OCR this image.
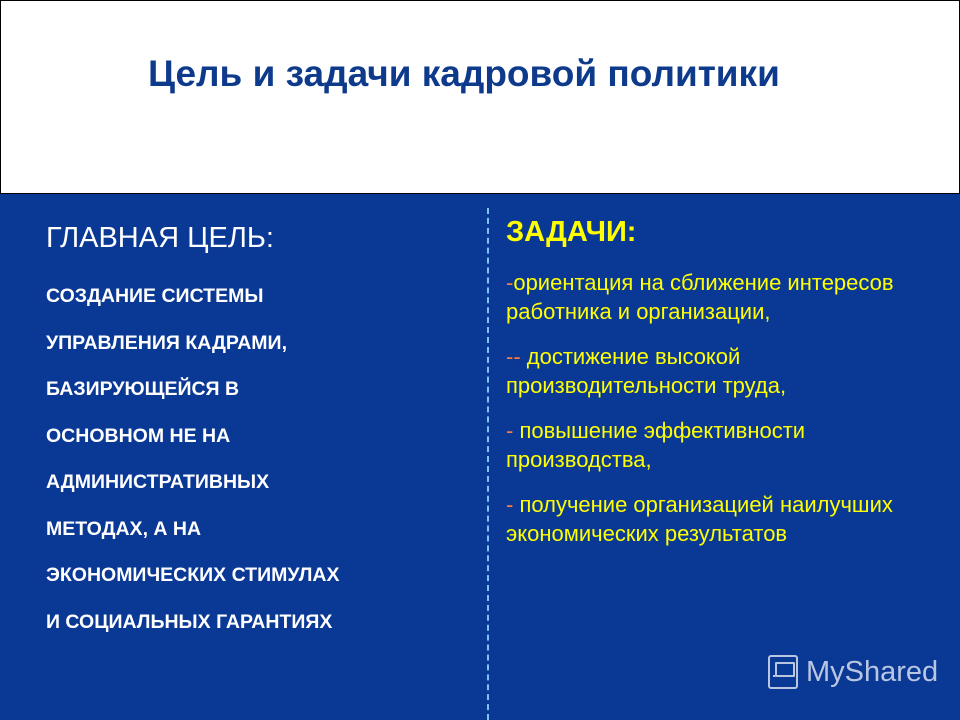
Цель и задачи кадровой политики
ГЛАВНАЯ ЦЕЛЬ:
СОЗДАНИЕ СИСТЕМЫ
УПРАВЛЕНИЯ КАДРАМИ,
БАЗИРУЮЩЕЙСЯ В
ОСНОВНОМ НЕ НА
АДМИНИСТРАТИВНЫХ
МЕТОДАХ, А НА
ЭКОНОМИЧЕСКИХ СТИМУЛАХ
И СОЦИАЛЬНЫХ ГАРАНТИЯХ
ЗАДАЧИ:
-ориентация на сближение интересов работника и организации,
-- достижение высокой производительности труда,
- повышение эффективности производства,
- получение организацией наилучших экономических результатов
MyShared
